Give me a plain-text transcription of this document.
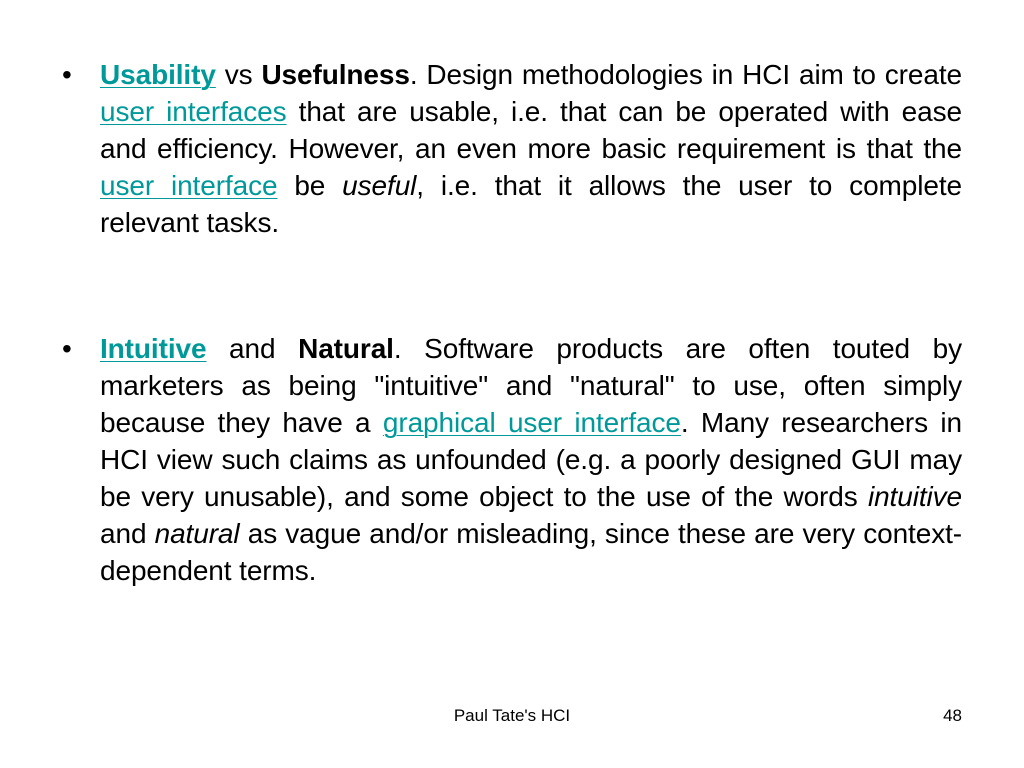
• Usability vs Usefulness. Design methodologies in HCI aim to create user interfaces that are usable, i.e. that can be operated with ease and efficiency. However, an even more basic requirement is that the user interface be useful, i.e. that it allows the user to complete relevant tasks.

• Intuitive and Natural. Software products are often touted by marketers as being "intuitive" and "natural" to use, often simply because they have a graphical user interface. Many researchers in HCI view such claims as unfounded (e.g. a poorly designed GUI may be very unusable), and some object to the use of the words intuitive and natural as vague and/or misleading, since these are very context-dependent terms.

Paul Tate's HCI	48
